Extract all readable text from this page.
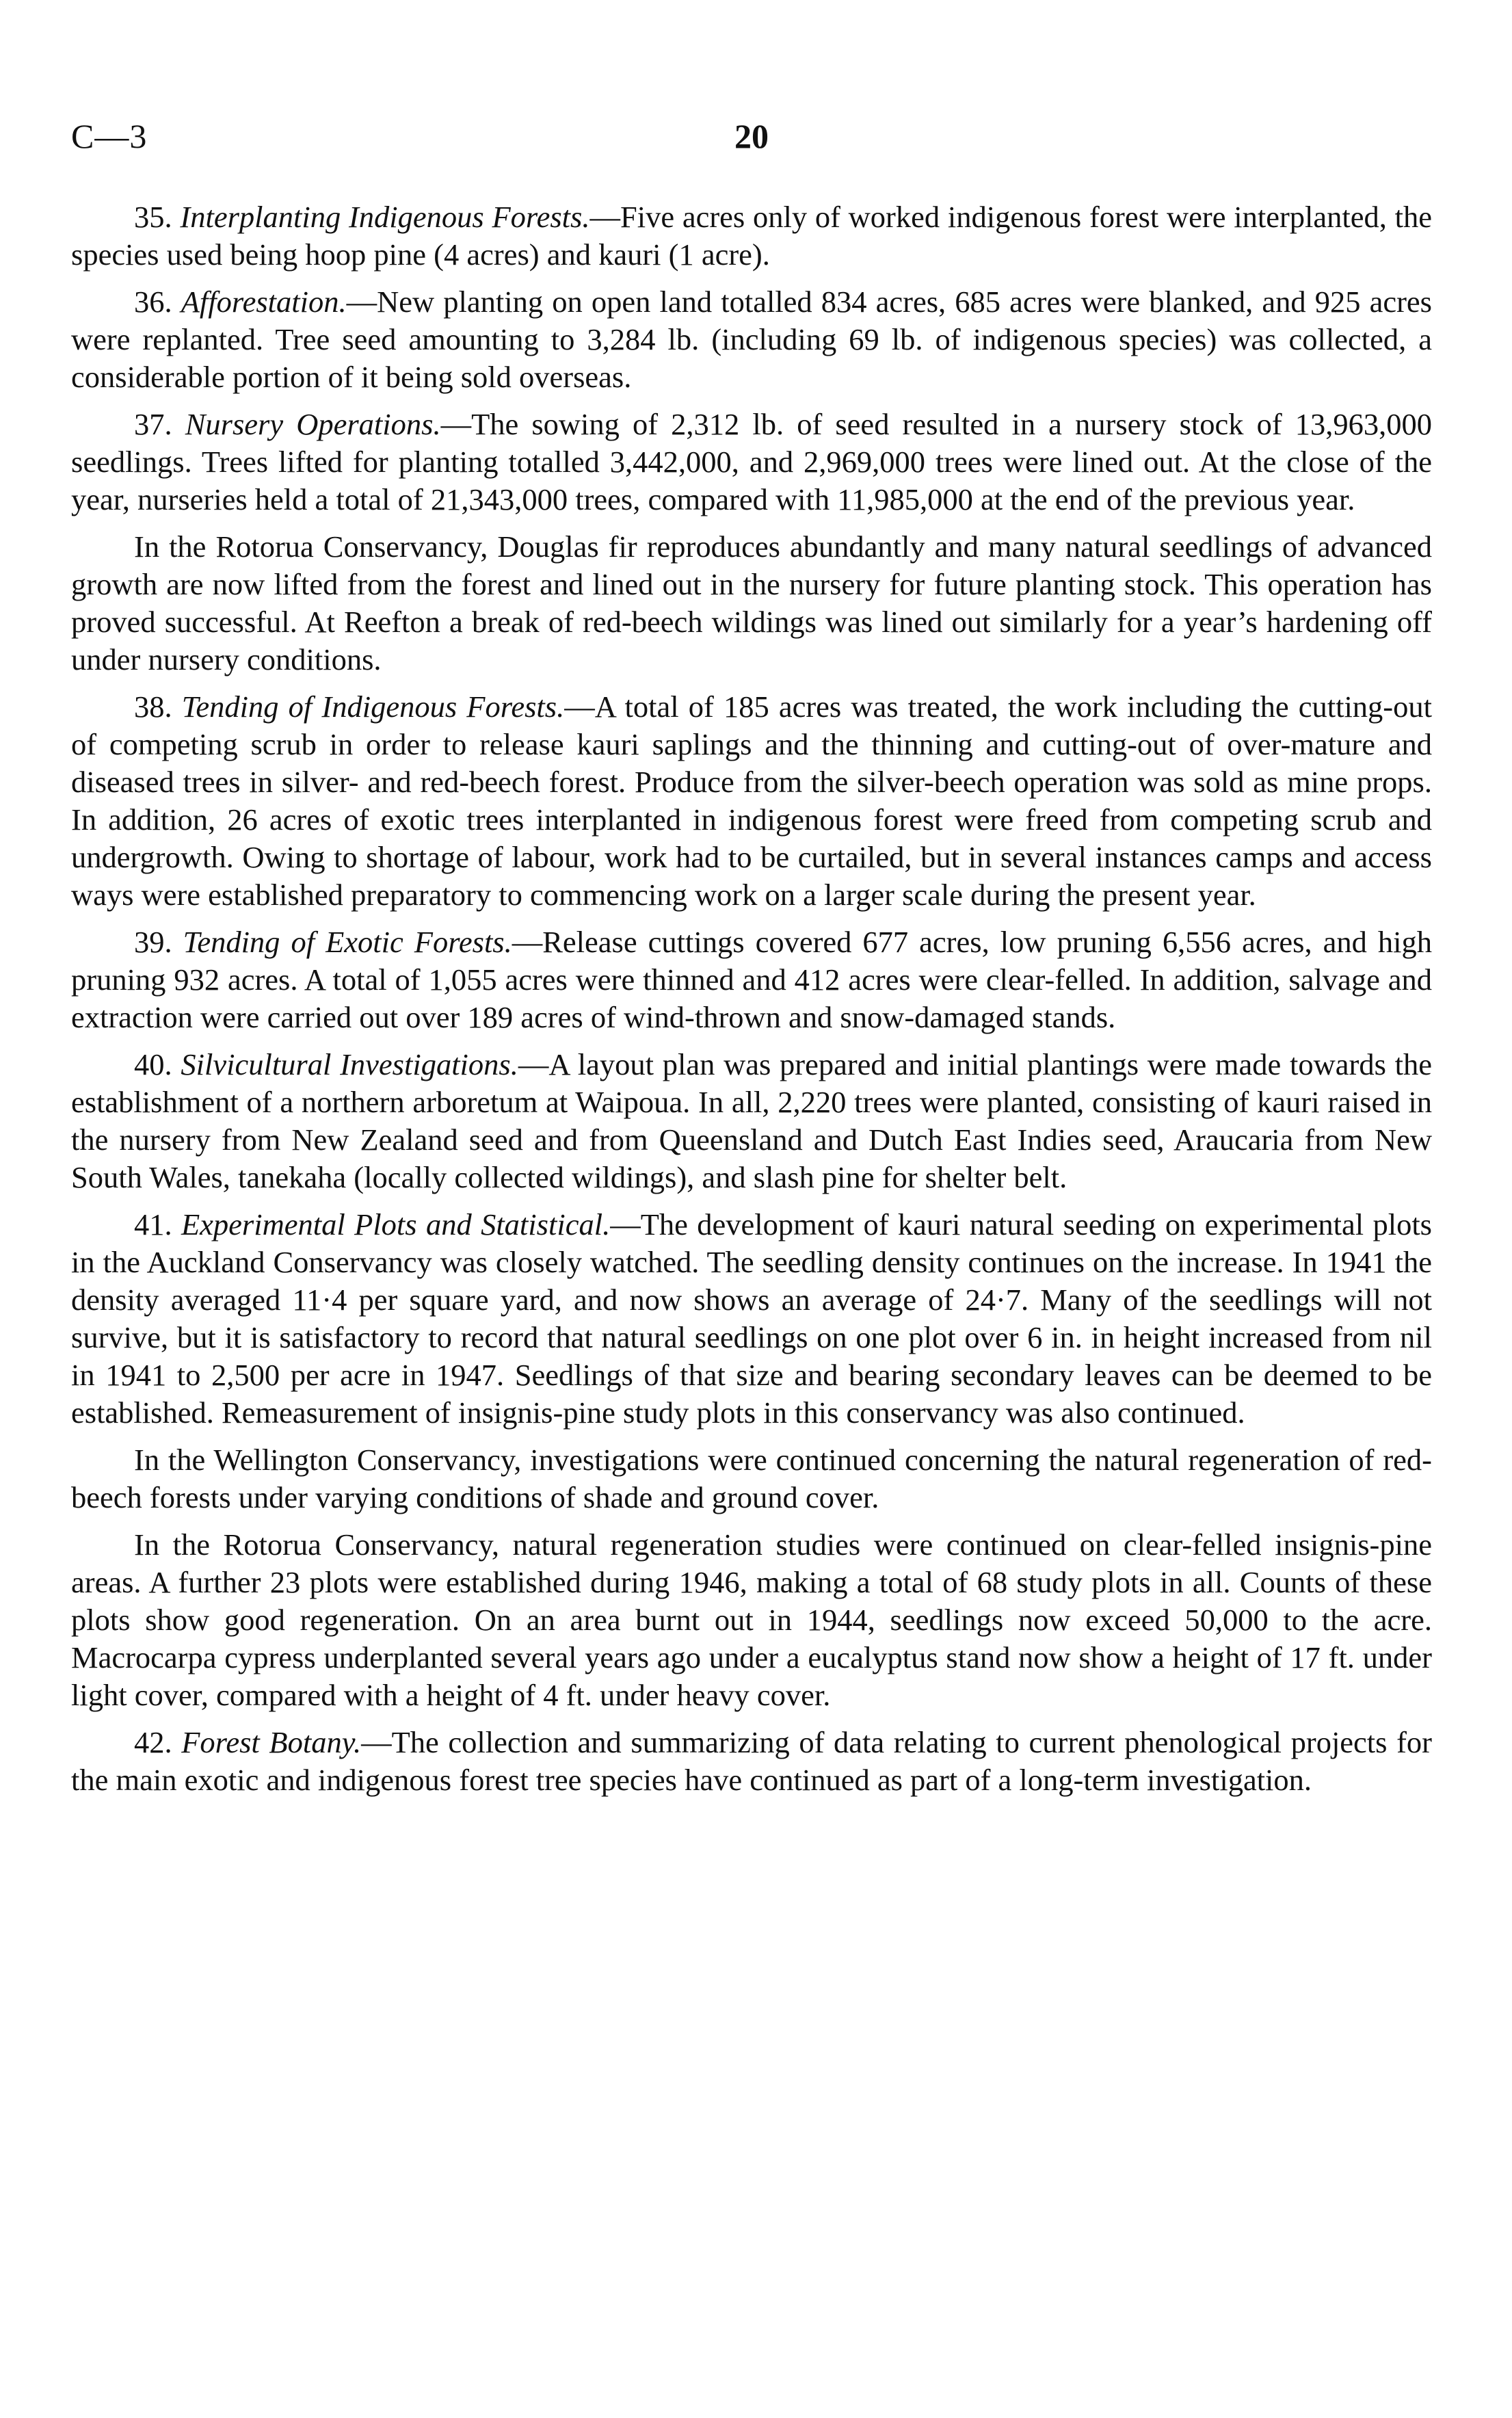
C—3	20

35. Interplanting Indigenous Forests.—Five acres only of worked indigenous forest were interplanted, the species used being hoop pine (4 acres) and kauri (1 acre).

36. Afforestation.—New planting on open land totalled 834 acres, 685 acres were blanked, and 925 acres were replanted. Tree seed amounting to 3,284 lb. (including 69 lb. of indigenous species) was collected, a considerable portion of it being sold overseas.

37. Nursery Operations.—The sowing of 2,312 lb. of seed resulted in a nursery stock of 13,963,000 seedlings. Trees lifted for planting totalled 3,442,000, and 2,969,000 trees were lined out. At the close of the year, nurseries held a total of 21,343,000 trees, compared with 11,985,000 at the end of the previous year.

In the Rotorua Conservancy, Douglas fir reproduces abundantly and many natural seedlings of advanced growth are now lifted from the forest and lined out in the nursery for future planting stock. This operation has proved successful. At Reefton a break of red-beech wildings was lined out similarly for a year’s hardening off under nursery conditions.

38. Tending of Indigenous Forests.—A total of 185 acres was treated, the work including the cutting-out of competing scrub in order to release kauri saplings and the thinning and cutting-out of over-mature and diseased trees in silver- and red-beech forest. Produce from the silver-beech operation was sold as mine props. In addition, 26 acres of exotic trees interplanted in indigenous forest were freed from competing scrub and undergrowth. Owing to shortage of labour, work had to be curtailed, but in several instances camps and access ways were established preparatory to commencing work on a larger scale during the present year.

39. Tending of Exotic Forests.—Release cuttings covered 677 acres, low pruning 6,556 acres, and high pruning 932 acres. A total of 1,055 acres were thinned and 412 acres were clear-felled. In addition, salvage and extraction were carried out over 189 acres of wind-thrown and snow-damaged stands.

40. Silvicultural Investigations.—A layout plan was prepared and initial plantings were made towards the establishment of a northern arboretum at Waipoua. In all, 2,220 trees were planted, consisting of kauri raised in the nursery from New Zealand seed and from Queensland and Dutch East Indies seed, Araucaria from New South Wales, tanekaha (locally collected wildings), and slash pine for shelter belt.

41. Experimental Plots and Statistical.—The development of kauri natural seeding on experimental plots in the Auckland Conservancy was closely watched. The seedling density continues on the increase. In 1941 the density averaged 11·4 per square yard, and now shows an average of 24·7. Many of the seedlings will not survive, but it is satisfactory to record that natural seedlings on one plot over 6 in. in height increased from nil in 1941 to 2,500 per acre in 1947. Seedlings of that size and bearing secondary leaves can be deemed to be established. Remeasurement of insignis-pine study plots in this conservancy was also continued.

In the Wellington Conservancy, investigations were continued concerning the natural regeneration of red-beech forests under varying conditions of shade and ground cover.

In the Rotorua Conservancy, natural regeneration studies were continued on clear-felled insignis-pine areas. A further 23 plots were established during 1946, making a total of 68 study plots in all. Counts of these plots show good regeneration. On an area burnt out in 1944, seedlings now exceed 50,000 to the acre. Macrocarpa cypress underplanted several years ago under a eucalyptus stand now show a height of 17 ft. under light cover, compared with a height of 4 ft. under heavy cover.

42. Forest Botany.—The collection and summarizing of data relating to current phenological projects for the main exotic and indigenous forest tree species have continued as part of a long-term investigation.
